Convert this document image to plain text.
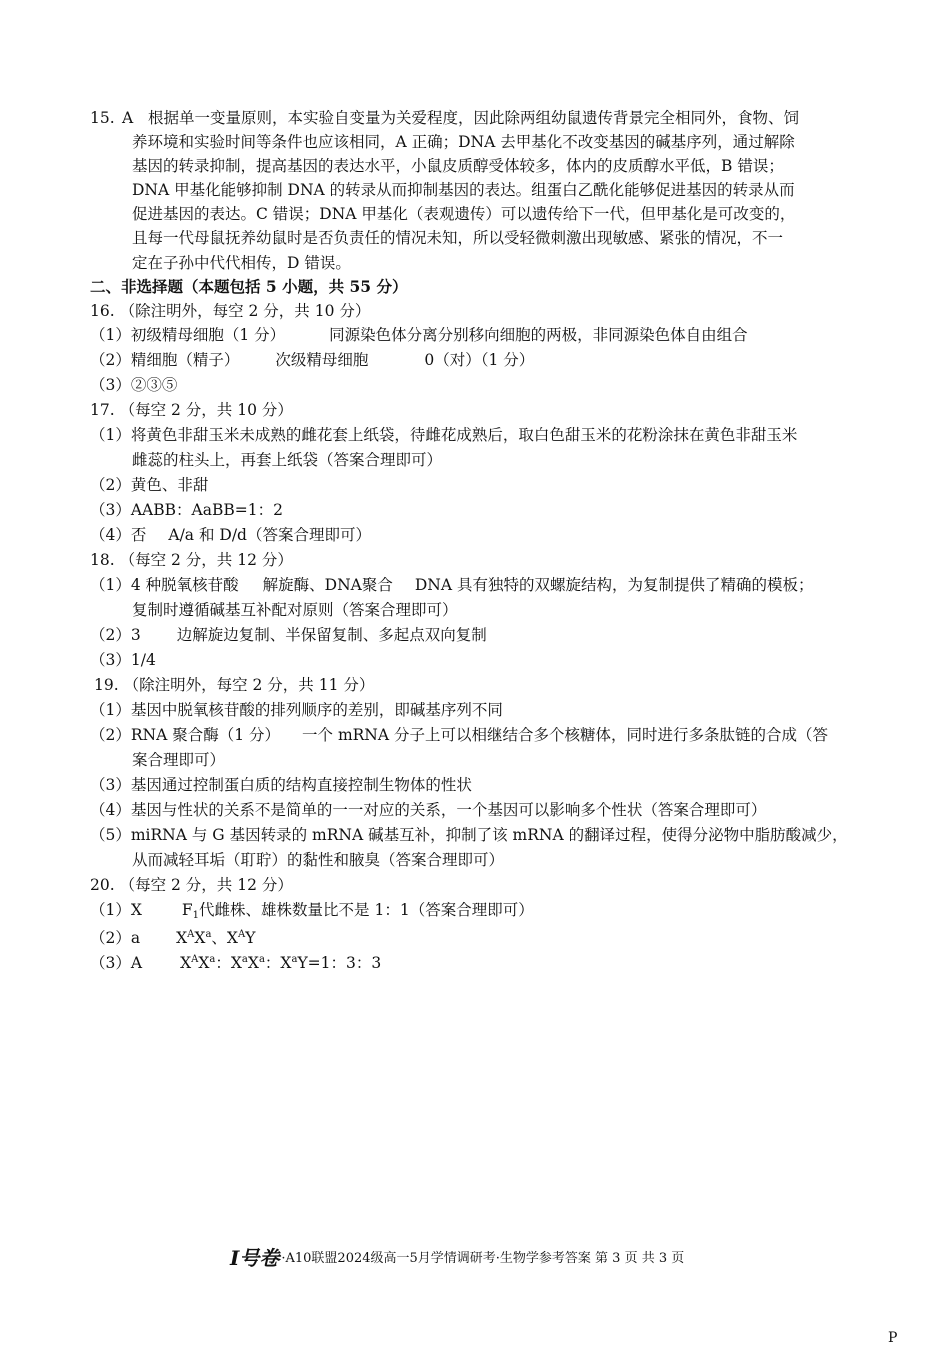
15. A 根据单一变量原则，本实验自变量为关爱程度，因此除两组幼鼠遗传背景完全相同外，食物、饲
养环境和实验时间等条件也应该相同，A 正确；DNA 去甲基化不改变基因的碱基序列，通过解除
基因的转录抑制，提高基因的表达水平，小鼠皮质醇受体较多，体内的皮质醇水平低，B 错误；
DNA 甲基化能够抑制 DNA 的转录从而抑制基因的表达。组蛋白乙酰化能够促进基因的转录从而
促进基因的表达。C 错误；DNA 甲基化（表观遗传）可以遗传给下一代，但甲基化是可改变的，
且每一代母鼠抚养幼鼠时是否负责任的情况未知，所以受轻微刺激出现敏感、紧张的情况，不一
定在子孙中代代相传，D 错误。
二、非选择题（本题包括 5 小题，共 55 分）
16. （除注明外，每空 2 分，共 10 分）
（1）初级精母细胞（1 分）	同源染色体分离分别移向细胞的两极，非同源染色体自由组合
（2）精细胞（精子） 次级精母细胞	0（对）（1 分）
（3）②③⑤
17. （每空 2 分，共 10 分）
（1）将黄色非甜玉米未成熟的雌花套上纸袋，待雌花成熟后，取白色甜玉米的花粉涂抹在黄色非甜玉米
雌蕊的柱头上，再套上纸袋（答案合理即可）
（2）黄色、非甜
（3）AABB：AaBB=1：2
（4）否 A/a 和 D/d（答案合理即可）
18. （每空 2 分，共 12 分）
（1）4 种脱氧核苷酸 解旋酶、DNA聚合 DNA 具有独特的双螺旋结构，为复制提供了精确的模板；
复制时遵循碱基互补配对原则（答案合理即可）
（2）3 边解旋边复制、半保留复制、多起点双向复制
（3）1/4
19. （除注明外，每空 2 分，共 11 分）
（1）基因中脱氧核苷酸的排列顺序的差别，即碱基序列不同
（2）RNA 聚合酶（1 分） 一个 mRNA 分子上可以相继结合多个核糖体，同时进行多条肽链的合成（答
案合理即可）
（3）基因通过控制蛋白质的结构直接控制生物体的性状
（4）基因与性状的关系不是简单的一一对应的关系，一个基因可以影响多个性状（答案合理即可）
（5）miRNA 与 G 基因转录的 mRNA 碱基互补，抑制了该 mRNA 的翻译过程，使得分泌物中脂肪酸减少，
从而减轻耳垢（耵聍）的黏性和腋臭（答案合理即可）
20. （每空 2 分，共 12 分）
（1）X	$F_1$代雌株、雄株数量比不是 1：1（答案合理即可）
（2）a $X^AX^a$、$X^AY$
（3）A $X^AX^a$：$X^aX^a$：$X^aY=1$：3：3
𝑰号卷 ·A10联盟2024级高一5月学情调研考·生物学参考答案 第 3 页 共 3 页
P
